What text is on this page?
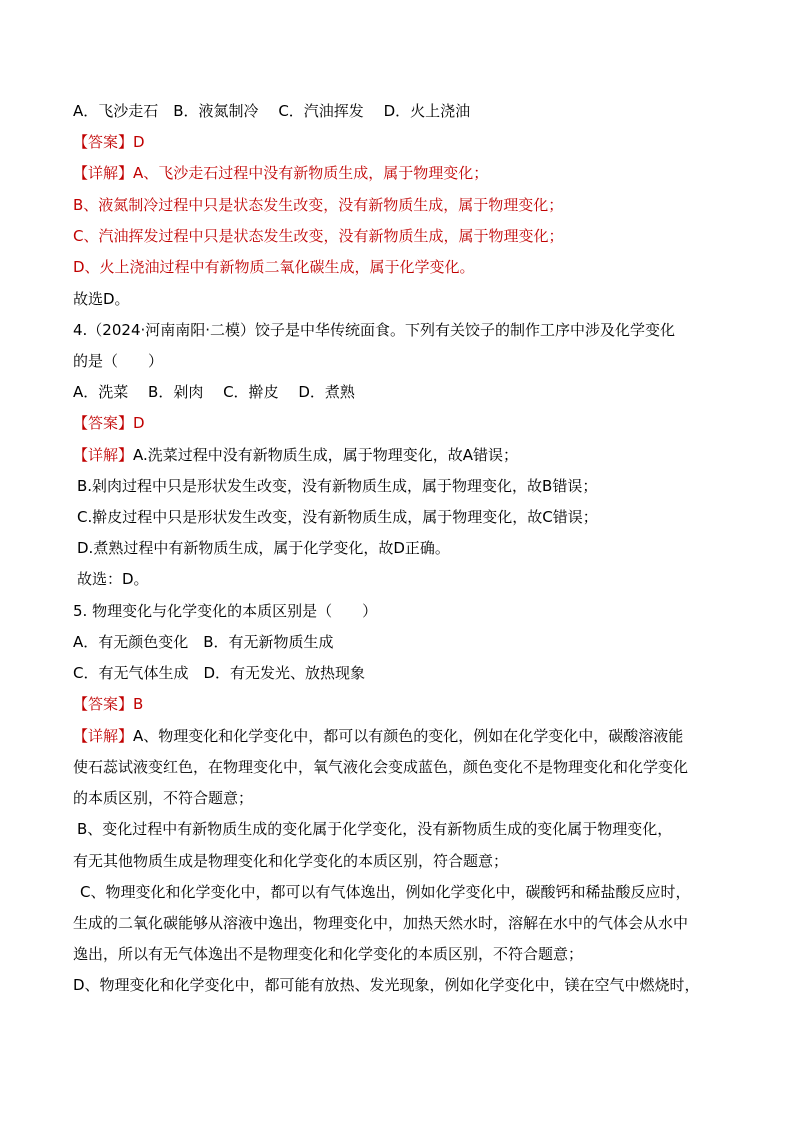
A．飞沙走石　B．液氮制冷　 C．汽油挥发　 D．火上浇油
【答案】D
【详解】A、飞沙走石过程中没有新物质生成，属于物理变化；
B、液氮制冷过程中只是状态发生改变，没有新物质生成，属于物理变化；
C、汽油挥发过程中只是状态发生改变，没有新物质生成，属于物理变化；
D、火上浇油过程中有新物质二氧化碳生成，属于化学变化。
故选D。
4.（2024·河南南阳·二模）饺子是中华传统面食。下列有关饺子的制作工序中涉及化学变化
的是（　　）
A．洗菜　 B．剁肉　 C．擀皮　 D．煮熟
【答案】D
【详解】A.洗菜过程中没有新物质生成，属于物理变化，故A错误；
B.剁肉过程中只是形状发生改变，没有新物质生成，属于物理变化，故B错误；
C.擀皮过程中只是形状发生改变，没有新物质生成，属于物理变化，故C错误；
D.煮熟过程中有新物质生成，属于化学变化，故D正确。
故选：D。
5. 物理变化与化学变化的本质区别是（　　）
A．有无颜色变化　B．有无新物质生成
C．有无气体生成　D．有无发光、放热现象
【答案】B
【详解】A、物理变化和化学变化中，都可以有颜色的变化，例如在化学变化中，碳酸溶液能
使石蕊试液变红色，在物理变化中，氧气液化会变成蓝色，颜色变化不是物理变化和化学变化
的本质区别，不符合题意；
B、变化过程中有新物质生成的变化属于化学变化，没有新物质生成的变化属于物理变化，
有无其他物质生成是物理变化和化学变化的本质区别，符合题意；
C、物理变化和化学变化中，都可以有气体逸出，例如化学变化中，碳酸钙和稀盐酸反应时，
生成的二氧化碳能够从溶液中逸出，物理变化中，加热天然水时，溶解在水中的气体会从水中
逸出，所以有无气体逸出不是物理变化和化学变化的本质区别，不符合题意；
D、物理变化和化学变化中，都可能有放热、发光现象，例如化学变化中，镁在空气中燃烧时，
